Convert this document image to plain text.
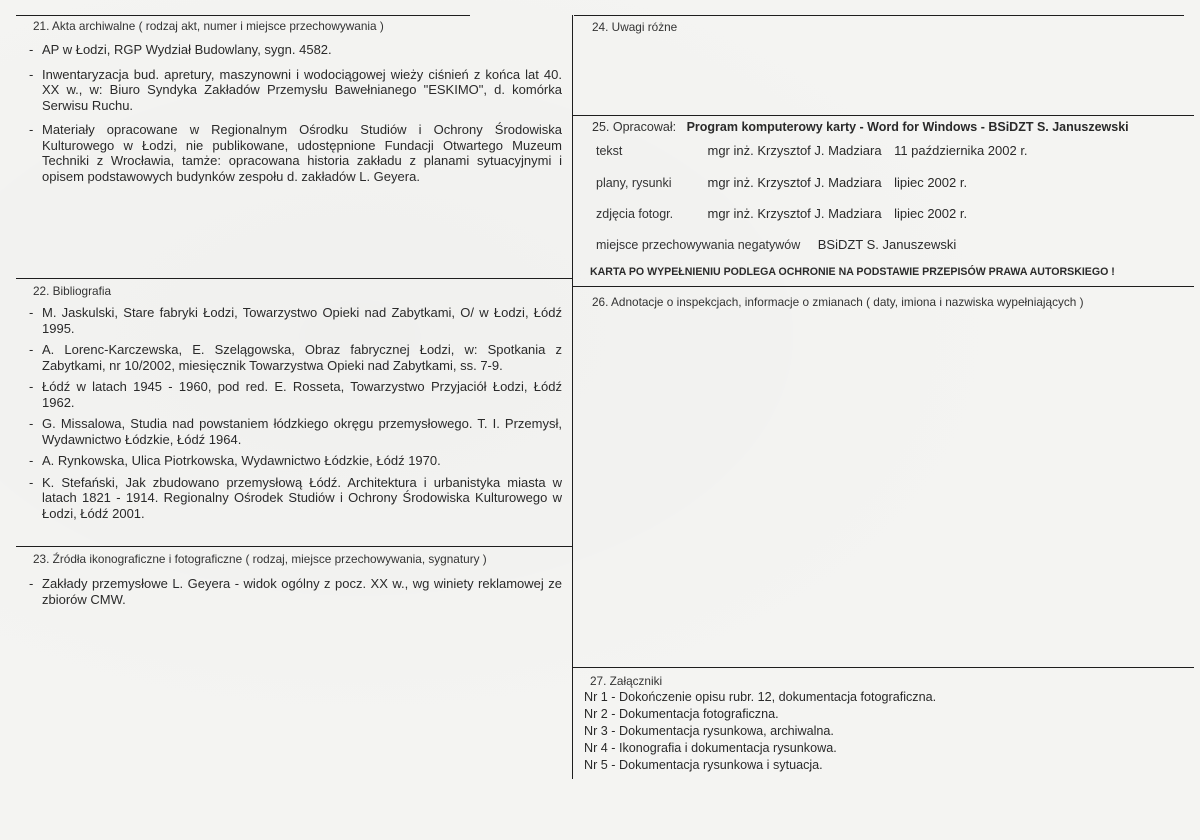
21. Akta archiwalne ( rodzaj akt, numer i miejsce przechowywania )
- AP w Łodzi, RGP Wydział Budowlany, sygn. 4582.
- Inwentaryzacja bud. apretury, maszynowni i wodociągowej wieży ciśnień z końca lat 40. XX w., w: Biuro Syndyka Zakładów Przemysłu Bawełnianego "ESKIMO", d. komórka Serwisu Ruchu.
- Materiały opracowane w Regionalnym Ośrodku Studiów i Ochrony Środowiska Kulturowego w Łodzi, nie publikowane, udostępnione Fundacji Otwartego Muzeum Techniki z Wrocławia, tamże: opracowana historia zakładu z planami sytuacyjnymi i opisem podstawowych budynków zespołu d. zakładów L. Geyera.
22. Bibliografia
- M. Jaskulski, Stare fabryki Łodzi, Towarzystwo Opieki nad Zabytkami, O/ w Łodzi, Łódź 1995.
- A. Lorenc-Karczewska, E. Szelągowska, Obraz fabrycznej Łodzi, w: Spotkania z Zabytkami, nr 10/2002, miesięcznik Towarzystwa Opieki nad Zabytkami, ss. 7-9.
- Łódź w latach 1945 - 1960, pod red. E. Rosseta, Towarzystwo Przyjaciół Łodzi, Łódź 1962.
- G. Missalowa, Studia nad powstaniem łódzkiego okręgu przemysłowego. T. I. Przemysł, Wydawnictwo Łódzkie, Łódź 1964.
- A. Rynkowska, Ulica Piotrkowska, Wydawnictwo Łódzkie, Łódź 1970.
- K. Stefański, Jak zbudowano przemysłową Łódź. Architektura i urbanistyka miasta w latach 1821 - 1914. Regionalny Ośrodek Studiów i Ochrony Środowiska Kulturowego w Łodzi, Łódź 2001.
23. Źródła ikonograficzne i fotograficzne ( rodzaj, miejsce przechowywania, sygnatury )
- Zakłady przemysłowe L. Geyera - widok ogólny z pocz. XX w., wg winiety reklamowej ze zbiorów CMW.
24. Uwagi różne
25. Opracował: Program komputerowy karty - Word for Windows - BSiDZT S. Januszewski
tekst	mgr inż. Krzysztof J. Madziara 11 października 2002 r.
plany, rysunki	mgr inż. Krzysztof J. Madziara lipiec 2002 r.
zdjęcia fotogr.	mgr inż. Krzysztof J. Madziara lipiec 2002 r.
miejsce przechowywania negatywów BSiDZT S. Januszewski
KARTA PO WYPEŁNIENIU PODLEGA OCHRONIE NA PODSTAWIE PRZEPISÓW PRAWA AUTORSKIEGO !
26. Adnotacje o inspekcjach, informacje o zmianach ( daty, imiona i nazwiska wypełniających )
27. Załączniki
Nr 1 - Dokończenie opisu rubr. 12, dokumentacja fotograficzna.
Nr 2 - Dokumentacja fotograficzna.
Nr 3 - Dokumentacja rysunkowa, archiwalna.
Nr 4 - Ikonografia i dokumentacja rysunkowa.
Nr 5 - Dokumentacja rysunkowa i sytuacja.
